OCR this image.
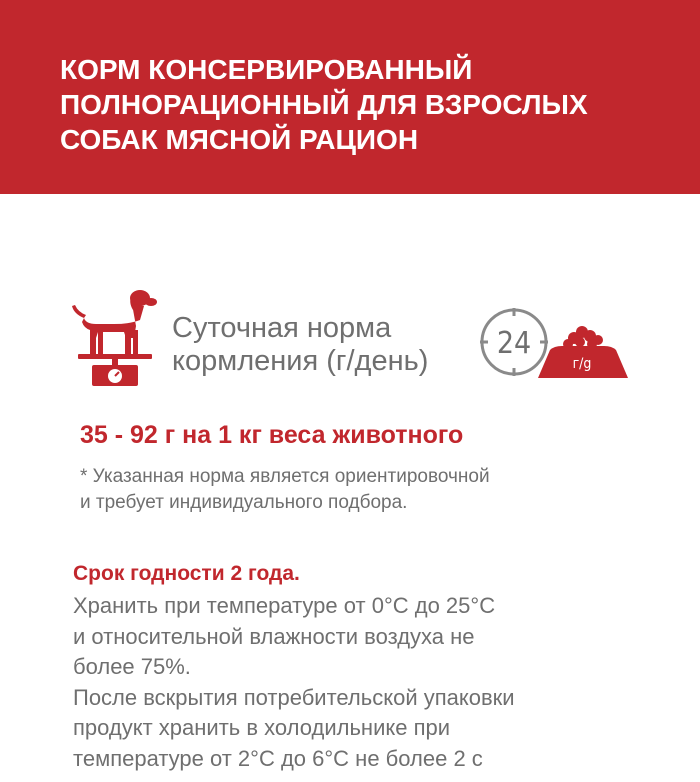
КОРМ КОНСЕРВИРОВАННЫЙ
ПОЛНОРАЦИОННЫЙ ДЛЯ ВЗРОСЛЫХ
СОБАК МЯСНОЙ РАЦИОН
Суточная норма
кормления (г/день) 24
г/g
35 - 92 г на 1 кг веса животного
* Указанная норма является ориентировочной
и требует индивидуального подбора.
Срок годности 2 года.
Хранить при температуре от 0°C до 25°C
и относительной влажности воздуха не
более 75%.
После вскрытия потребительской упаковки
продукт хранить в холодильнике при
температуре от 2°C до 6°C не более 2 с
